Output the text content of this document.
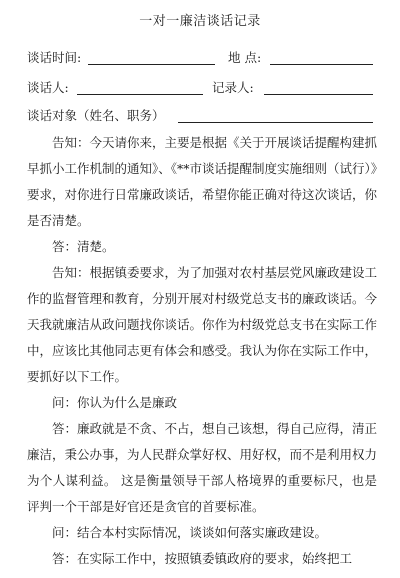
一对一廉洁谈话记录
谈话时间:	地 点:
谈话人:	记录人:
谈话对象（姓名、职务）
告知：今天请你来，主要是根据《关于开展谈话提醒构建抓早抓小工作机制的通知》、《**市谈话提醒制度实施细则（试行）》要求，对你进行日常廉政谈话，希望你能正确对待这次谈话，你是否清楚。
答：清楚。
告知：根据镇委要求，为了加强对农村基层党风廉政建设工作的监督管理和教育，分别开展对村级党总支书的廉政谈话。今天我就廉洁从政问题找你谈话。你作为村级党总支书在实际工作中，应该比其他同志更有体会和感受。我认为你在实际工作中，要抓好以下工作。
问：你认为什么是廉政
答：廉政就是不贪、不占，想自己该想，得自己应得，清正廉洁，秉公办事，为人民群众掌好权、用好权，而不是利用权力为个人谋利益。 这是衡量领导干部人格境界的重要标尺，也是评判一个干部是好官还是贪官的首要标准。
问：结合本村实际情况，谈谈如何落实廉政建设。
答：在实际工作中，按照镇委镇政府的要求，始终把工
